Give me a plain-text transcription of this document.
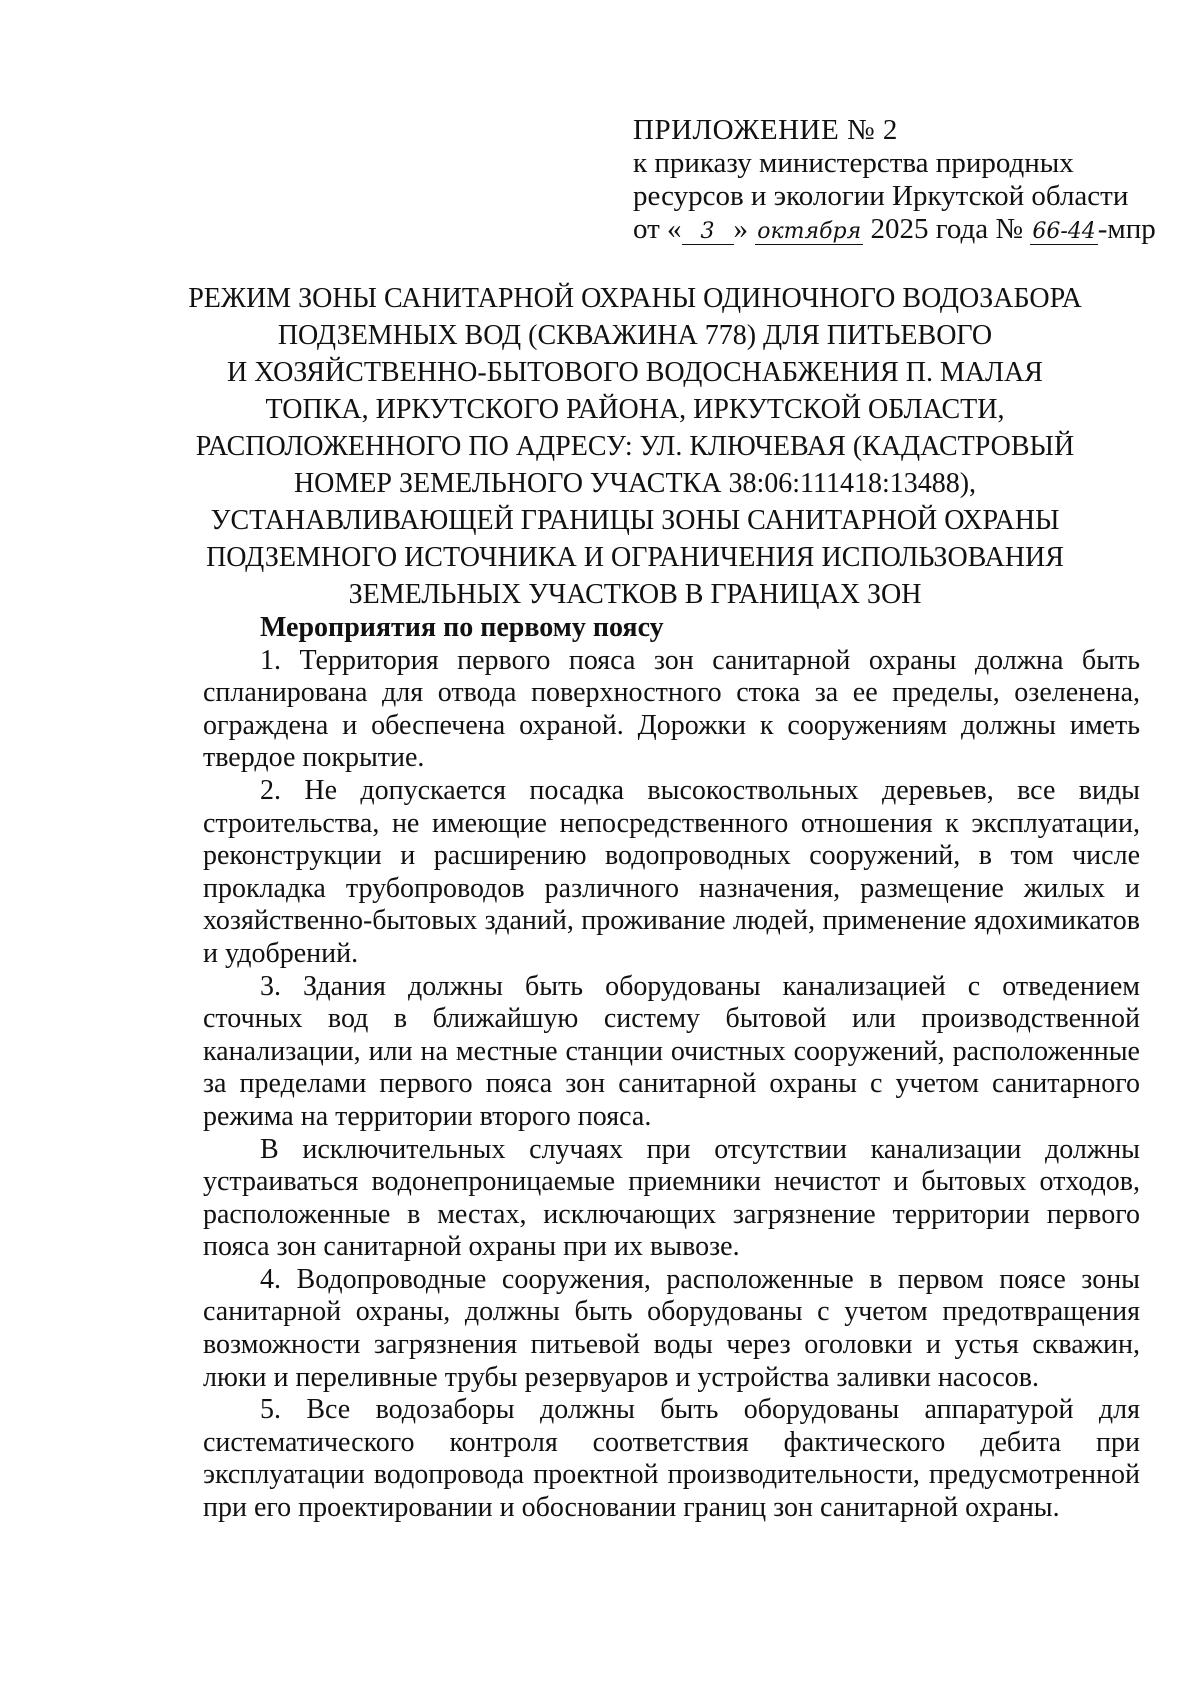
ПРИЛОЖЕНИЕ № 2
к приказу министерства природных
ресурсов и экологии Иркутской области
от « 3 » октября 2025 года № 66-44-мпр
РЕЖИМ ЗОНЫ САНИТАРНОЙ ОХРАНЫ ОДИНОЧНОГО ВОДОЗАБОРА
ПОДЗЕМНЫХ ВОД (СКВАЖИНА 778) ДЛЯ ПИТЬЕВОГО
И ХОЗЯЙСТВЕННО-БЫТОВОГО ВОДОСНАБЖЕНИЯ П. МАЛАЯ
ТОПКА, ИРКУТСКОГО РАЙОНА, ИРКУТСКОЙ ОБЛАСТИ,
РАСПОЛОЖЕННОГО ПО АДРЕСУ: УЛ. КЛЮЧЕВАЯ (КАДАСТРОВЫЙ
НОМЕР ЗЕМЕЛЬНОГО УЧАСТКА 38:06:111418:13488),
УСТАНАВЛИВАЮЩЕЙ ГРАНИЦЫ ЗОНЫ САНИТАРНОЙ ОХРАНЫ
ПОДЗЕМНОГО ИСТОЧНИКА И ОГРАНИЧЕНИЯ ИСПОЛЬЗОВАНИЯ
ЗЕМЕЛЬНЫХ УЧАСТКОВ В ГРАНИЦАХ ЗОН
Мероприятия по первому поясу

1. Территория первого пояса зон санитарной охраны должна быть спланирована для отвода поверхностного стока за ее пределы, озеленена, ограждена и обеспечена охраной. Дорожки к сооружениям должны иметь твердое покрытие.

2. Не допускается посадка высокоствольных деревьев, все виды строительства, не имеющие непосредственного отношения к эксплуатации, реконструкции и расширению водопроводных сооружений, в том числе прокладка трубопроводов различного назначения, размещение жилых и хозяйственно-бытовых зданий, проживание людей, применение ядохимикатов и удобрений.

3. Здания должны быть оборудованы канализацией с отведением сточных вод в ближайшую систему бытовой или производственной канализации, или на местные станции очистных сооружений, расположенные за пределами первого пояса зон санитарной охраны с учетом санитарного режима на территории второго пояса.

В исключительных случаях при отсутствии канализации должны устраиваться водонепроницаемые приемники нечистот и бытовых отходов, расположенные в местах, исключающих загрязнение территории первого пояса зон санитарной охраны при их вывозе.

4. Водопроводные сооружения, расположенные в первом поясе зоны санитарной охраны, должны быть оборудованы с учетом предотвращения возможности загрязнения питьевой воды через оголовки и устья скважин, люки и переливные трубы резервуаров и устройства заливки насосов.

5. Все водозаборы должны быть оборудованы аппаратурой для систематического контроля соответствия фактического дебита при эксплуатации водопровода проектной производительности, предусмотренной при его проектировании и обосновании границ зон санитарной охраны.
